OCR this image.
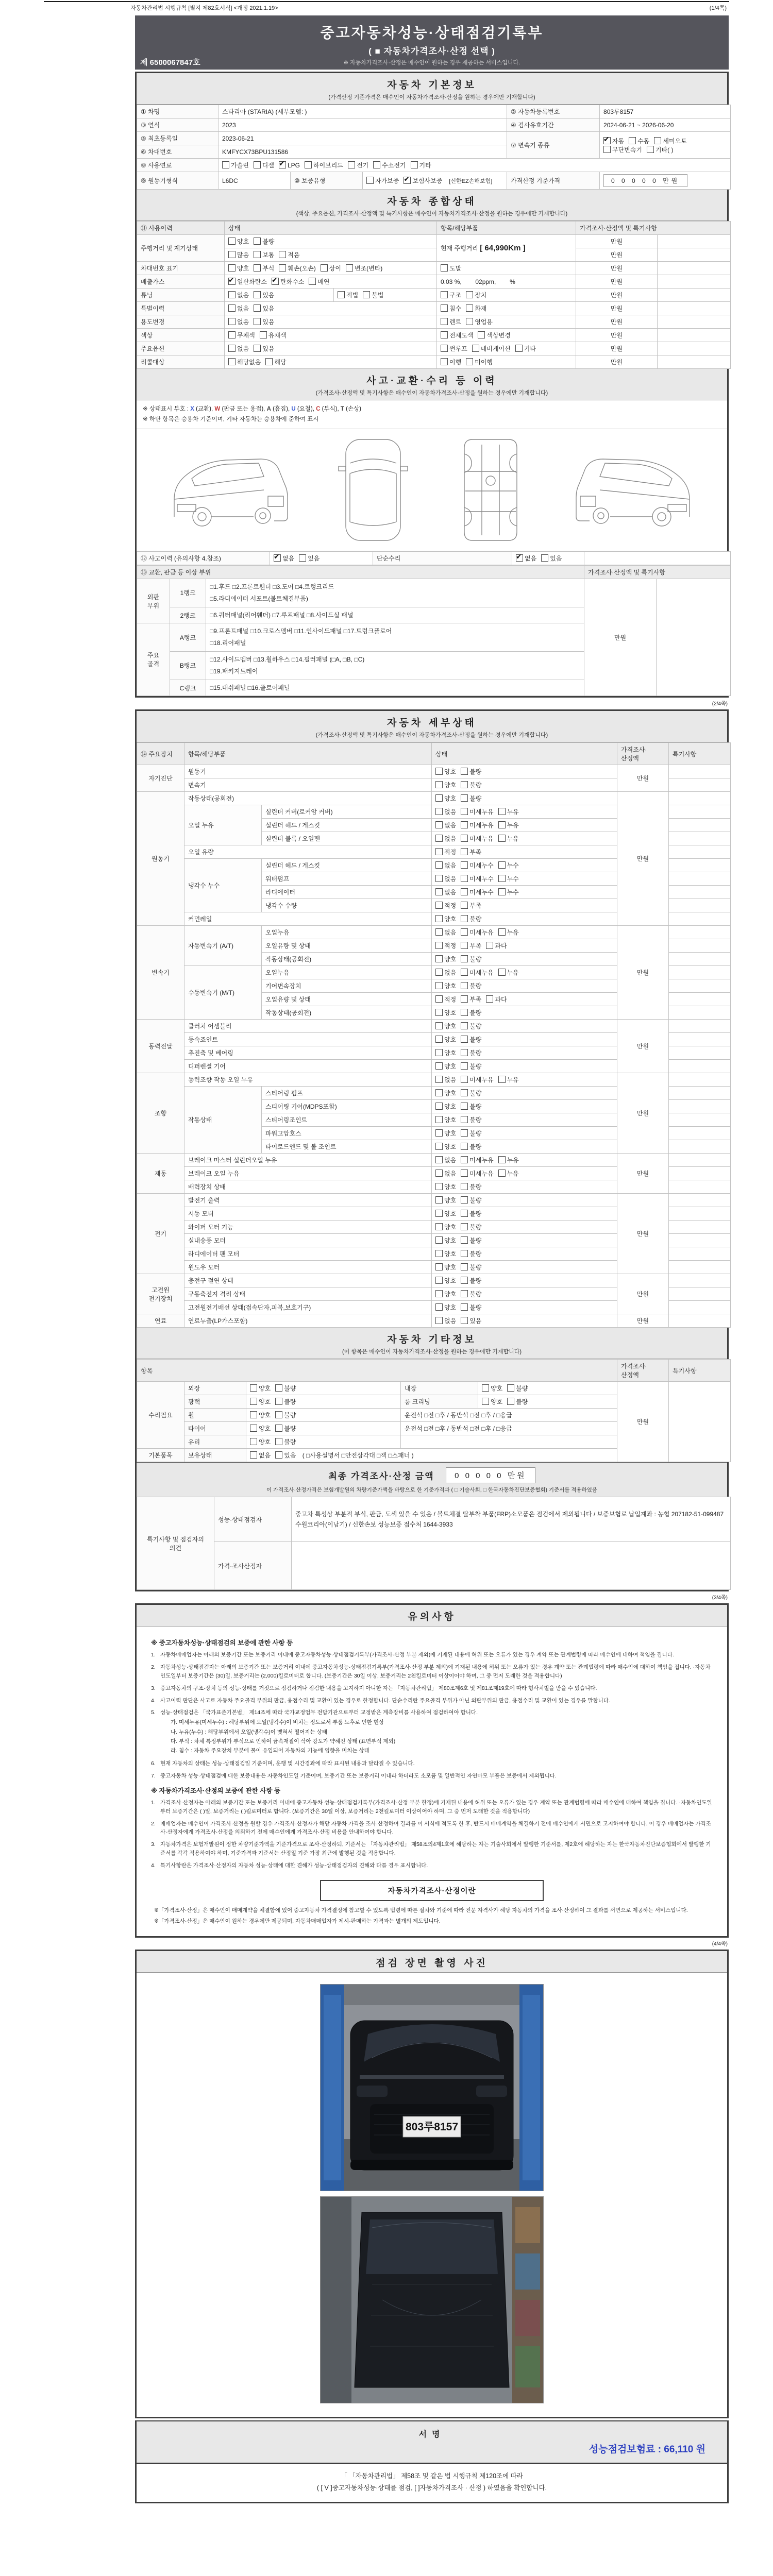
자동차관리법 시행규칙 [별지 제82호서식] <개정 2021.1.19>	(1/4쪽)
중고자동차성능·상태점검기록부
( ■ 자동차가격조사·산정 선택 )
※ 자동차가격조사·산정은 매수인이 원하는 경우 제공하는 서비스입니다.
제 6500067847호
자동차 기본정보
(가격산정 기준가격은 매수인이 자동차가격조사·산정을 원하는 경우에만 기재합니다)
① 차명	스타리아 (STARIA) (세부모델: )			② 자동차등록번호	803루8157
③ 연식	2023			④ 검사유효기간	2024-06-21 ~ 2026-06-20
⑤ 최초등록일	2023-06-21			⑦ 변속기 종류	✔자동 수동 세미오토무단변속기 기타( )
⑥ 차대번호	KMFYCX73BPU131586				
⑧ 사용연료	가솔린 디젤 ✔ LPG 하이브리드 전기 수소전기 기타
⑨ 원동기형식	L6DC	⑩ 보증유형	자가보증 ✔ 보험사보증 [신한EZ손해보험]	가격산정 기준가격	0 0 0 0 0 만원
자동차 종합상태
(색상, 주요옵션, 가격조사·산정액 및 특기사항은 매수인이 자동차가격조사·산정을 원하는 경우에만 기재합니다)
⑪ 사용이력	상태		항목/해당부품	가격조사·산정액 및 특기사항	
주행거리 및 계기상태	양호 불량		현재 주행거리 [ 64,990Km ]	만원	
	많음 보통 적음			만원	
차대번호 표기	양호 부식 훼손(오손) 상이 변조(변타)		도말	만원	
배출가스	✔일산화탄소 ✔ 탄화수소 매연		0.03 %,        02ppm,        %	만원	
튜닝	없음 있음	적법 불법	구조 장치	만원	
특별이력	없음 있음		침수 화재	만원	
용도변경	없음 있음		렌트 영업용	만원	
색상	무채색 유채색		전체도색 색상변경	만원	
주요옵션	없음 있음		썬루프 네비게이션 기타	만원	
리콜대상	해당없음 해당		이행 미이행	만원	
사고·교환·수리 등 이력
(가격조사·산정액 및 특기사항은 매수인이 자동차가격조사·산정을 원하는 경우에만 기재합니다)
※ 상태표시 부호 : X (교환), W (판금 또는 용접), A (흠집), U (요철), C (부식), T (손상)
※ 하단 항목은 승용차 기준이며, 기타 자동차는 승용차에 준하여 표시
⑫ 사고이력 (유의사항 4.참조)	✔없음 있음	단순수리	✔없음 있음	
⑬ 교환, 판금 등 이상 부위			가격조사·산정액 및 특기사항	
외판 부위	1랭크	□1.후드 □2.프론트휀더 □3.도어 □4.트렁크리드
□5.라디에이터 서포트(볼트체결부품)	만원	
	2랭크	□6.쿼터패널(리어휀더) □7.루프패널 □8.사이드실 패널		
주요 골격	A랭크	□9.프론트패널 □10.크로스멤버 □11.인사이드패널 □17.트렁크플로어
□18.리어패널		
	B랭크	□12.사이드멤버 □13.휠하우스 □14.필러패널 (□A, □B, □C)
□19.패키지트레이		
	C랭크	□15.대쉬패널 □16.플로어패널		
(2/4쪽)
자동차 세부상태
(가격조사·산정액 및 특기사항은 매수인이 자동차가격조사·산정을 원하는 경우에만 기재합니다)
⑭ 주요장치	항목/해당부품		상태	가격조사·산정액	특기사항
자기진단	원동기		양호 불량	만원	
	변속기		양호 불량		
원동기	작동상태(공회전)		양호 불량	만원	
	오일 누유	실린더 커버(로커암 커버)	없음 미세누유 누유		
		실린더 헤드 / 게스킷	없음 미세누유 누유		
		실린더 블록 / 오일팬	없음 미세누유 누유		
	오일 유량		적정 부족		
	냉각수 누수	실린더 헤드 / 게스킷	없음 미세누수 누수		
		워터펌프	없음 미세누수 누수		
		라디에이터	없음 미세누수 누수		
		냉각수 수량	적정 부족		
	커먼레일		양호 불량		
변속기	자동변속기 (A/T)	오일누유	없음 미세누유 누유	만원	
		오일유량 및 상태	적정 부족 과다		
		작동상태(공회전)	양호 불량		
	수동변속기 (M/T)	오일누유	없음 미세누유 누유		
		기어변속장치	양호 불량		
		오일유량 및 상태	적정 부족 과다		
		작동상태(공회전)	양호 불량		
동력전달	클러치 어셈블리		양호 불량	만원	
	등속죠인트		양호 불량		
	추진축 및 베어링		양호 불량		
	디퍼렌셜 기어		양호 불량		
조향	동력조향 작동 오일 누유		없음 미세누유 누유	만원	
	작동상태	스티어링 펌프	양호 불량		
		스티어링 기어(MDPS포함)	양호 불량		
		스티어링조인트	양호 불량		
		파워고압호스	양호 불량		
		타이로드엔드 및 볼 조인트	양호 불량		
제동	브레이크 마스터 실린더오일 누유		없음 미세누유 누유	만원	
	브레이크 오일 누유		없음 미세누유 누유		
	배력장치 상태		양호 불량		
전기	발전기 출력		양호 불량	만원	
	시동 모터		양호 불량		
	와이퍼 모터 기능		양호 불량		
	실내송풍 모터		양호 불량		
	라디에이터 팬 모터		양호 불량		
	윈도우 모터		양호 불량		
고전원 전기장치	충전구 절연 상태		양호 불량	만원	
	구동축전지 격리 상태		양호 불량		
	고전원전기배선 상태(접속단자,피복,보호기구)		양호 불량		
연료	연료누출(LP가스포함)		없음 있음	만원	
자동차 기타정보
(이 항목은 매수인이 자동차가격조사·산정을 원하는 경우에만 기재합니다)
항목					가격조사·산정액	특기사항
수리필요	외장	양호 불량	내장	양호 불량	만원	
	광택	양호 불량	룸 크리닝	양호 불량		
	휠	양호 불량	운전석 □전 □후 / 동반석 □전 □후 / □응급			
	타이어	양호 불량	운전석 □전 □후 / 동반석 □전 □후 / □응급			
	유리	양호 불량				
기본품목	보유상태	없음 있음 ( □사용설명서 □안전삼각대 □잭 □스패너 )				
최종 가격조사·산정 금액	0 0 0 0 0 만원
이 가격조사·산정가격은 보험개발원의 차량기준가액을 바탕으로 한 기준가격과 ( □ 기술사회, □ 한국자동차진단보증협회) 기준서를 적용하였음
특기사항 및 점검자의 의견	성능·상태점검자	중고차 특성상 부분적 부식, 판금, 도색 있을 수 있음 / 볼트체결 탈부착 부품(FRP)소모품은 점검에서 제외됩니다 / 보증보험료 납입계좌 : 농협 207182-51-099487 수원코리아(이남기) / 신한손보 성능보증 접수처 1644-3933
	가격·조사산정자	
(3/4쪽)
유의사항
※ 중고자동차성능·상태점검의 보증에 관한 사항 등
1. 자동차매매업자는 아래의 보증기간 또는 보증거리 이내에 중고자동차성능·상태점검기록부(가격조사·산정 부분 제외)에 기재된 내용에 허위 또는 오류가 있는 경우 계약 또는 관계법령에 따라 매수인에 대하여 책임을 집니다.
2. 자동차성능·상태점검자는 아래의 보증기간 또는 보증거리 이내에 중고자동차성능·상태점검기록부(가격조사·산정 부분 제외)에 기재된 내용에 허위 또는 오류가 있는 경우 계약 또는 관계법령에 따라 매수인에 대하여 책임을 집니다. ·자동차인도일부터 보증기간은 (30)일, 보증거리는 (2,000)킬로미터로 합니다. (보증기간은 30일 이상, 보증거리는 2천킬로미터 이상이어야 하며, 그 중 먼저 도래한 것을 적용합니다)
3. 중고자동차의 구조·장치 등의 성능·상태를 거짓으로 점검하거나 점검한 내용을 고지하지 아니한 자는 「자동차관리법」 제80조제6호 및 제81조제19호에 따라 형사처벌을 받을 수 있습니다.
4. 사고이력 판단은 사고로 자동차 주요골격 부위의 판금, 용접수리 및 교환이 있는 경우로 한정합니다. 단순수리란 주요골격 부위가 아닌 외판부위의 판금, 용접수리 및 교환이 있는 경우를 말합니다.
5. 성능·상태점검은 「국가표준기본법」 제14조에 따라 국가교정업무 전담기관으로부터 교정받은 계측장비를 사용하여 점검하여야 합니다.
가. 미세누유(미세누수) : 해당부위에 오일(냉각수)이 비치는 정도로서 부품 노후로 인한 현상
나. 누유(누수) : 해당부위에서 오일(냉각수)이 맺혀서 떨어지는 상태
다. 부식 : 차체 특정부위가 부식으로 인하여 금속재질이 삭아 강도가 약해진 상태 (표면부식 제외)
라. 침수 : 자동차 주요장치 부분에 물이 유입되어 자동차의 기능에 영향을 미치는 상태
6. 현재 자동차의 상태는 성능·상태점검일 기준이며, 운행 및 시간경과에 따라 표시된 내용과 달라질 수 있습니다.
7. 중고자동차 성능·상태점검에 대한 보증내용은 자동차인도일 기준이며, 보증기간 또는 보증거리 이내라 하더라도 소모품 및 일반적인 자연마모 부품은 보증에서 제외됩니다.
※ 자동차가격조사·산정의 보증에 관한 사항 등
1. 가격조사·산정자는 아래의 보증기간 또는 보증거리 이내에 중고자동차 성능·상태점검기록부(가격조사·산정 부분 한정)에 기재된 내용에 허위 또는 오류가 있는 경우 계약 또는 관계법령에 따라 매수인에 대하여 책임을 집니다. ·자동차인도일부터 보증기간은 ( )일, 보증거리는 ( )킬로미터로 합니다. (보증기간은 30일 이상, 보증거리는 2천킬로미터 이상이어야 하며, 그 중 먼저 도래한 것을 적용합니다)
2. 매매업자는 매수인이 가격조사·산정을 원할 경우 가격조사·산정자가 해당 자동차 가격을 조사·산정하여 결과를 이 서식에 적도록 한 후, 반드시 매매계약을 체결하기 전에 매수인에게 서면으로 고지하여야 합니다. 이 경우 매매업자는 가격조사·산정자에게 가격조사·산정을 의뢰하기 전에 매수인에게 가격조사·산정 비용을 안내하여야 합니다.
3. 자동차가격은 보험개발원이 정한 차량기준가액을 기준가격으로 조사·산정하되, 기준서는 「자동차관리법」 제58조의4제1호에 해당하는 자는 기술사회에서 발행한 기준서를, 제2호에 해당하는 자는 한국자동차진단보증협회에서 발행한 기준서를 각각 적용하여야 하며, 기준가격과 기준서는 산정일 기준 가장 최근에 발행된 것을 적용합니다.
4. 특기사항란은 가격조사·산정자의 자동차 성능·상태에 대한 견해가 성능·상태점검자의 견해와 다를 경우 표시합니다.
자동차가격조사·산정이란
※「가격조사·산정」은 매수인이 매매계약을 체결함에 있어 중고자동차 가격결정에 참고할 수 있도록 법령에 따른 절차와 기준에 따라 전문 자격사가 해당 자동차의 가격을 조사·산정하여 그 결과를 서면으로 제공하는 서비스입니다.
※「가격조사·산정」은 매수인이 원하는 경우에만 제공되며, 자동차매매업자가 제시·판매하는 가격과는 별개의 제도입니다.
(4/4쪽)
점검 장면 촬영 사진
803루8157
서명
성능점검보험료 : 66,110 원
「 「자동차관리법」 제58조 및 같은 법 시행규칙 제120조에 따라
( [ V ]중고자동차성능·상태를 점검, [ ]자동차가격조사 · 산정 ) 하였음을 확인합니다.
